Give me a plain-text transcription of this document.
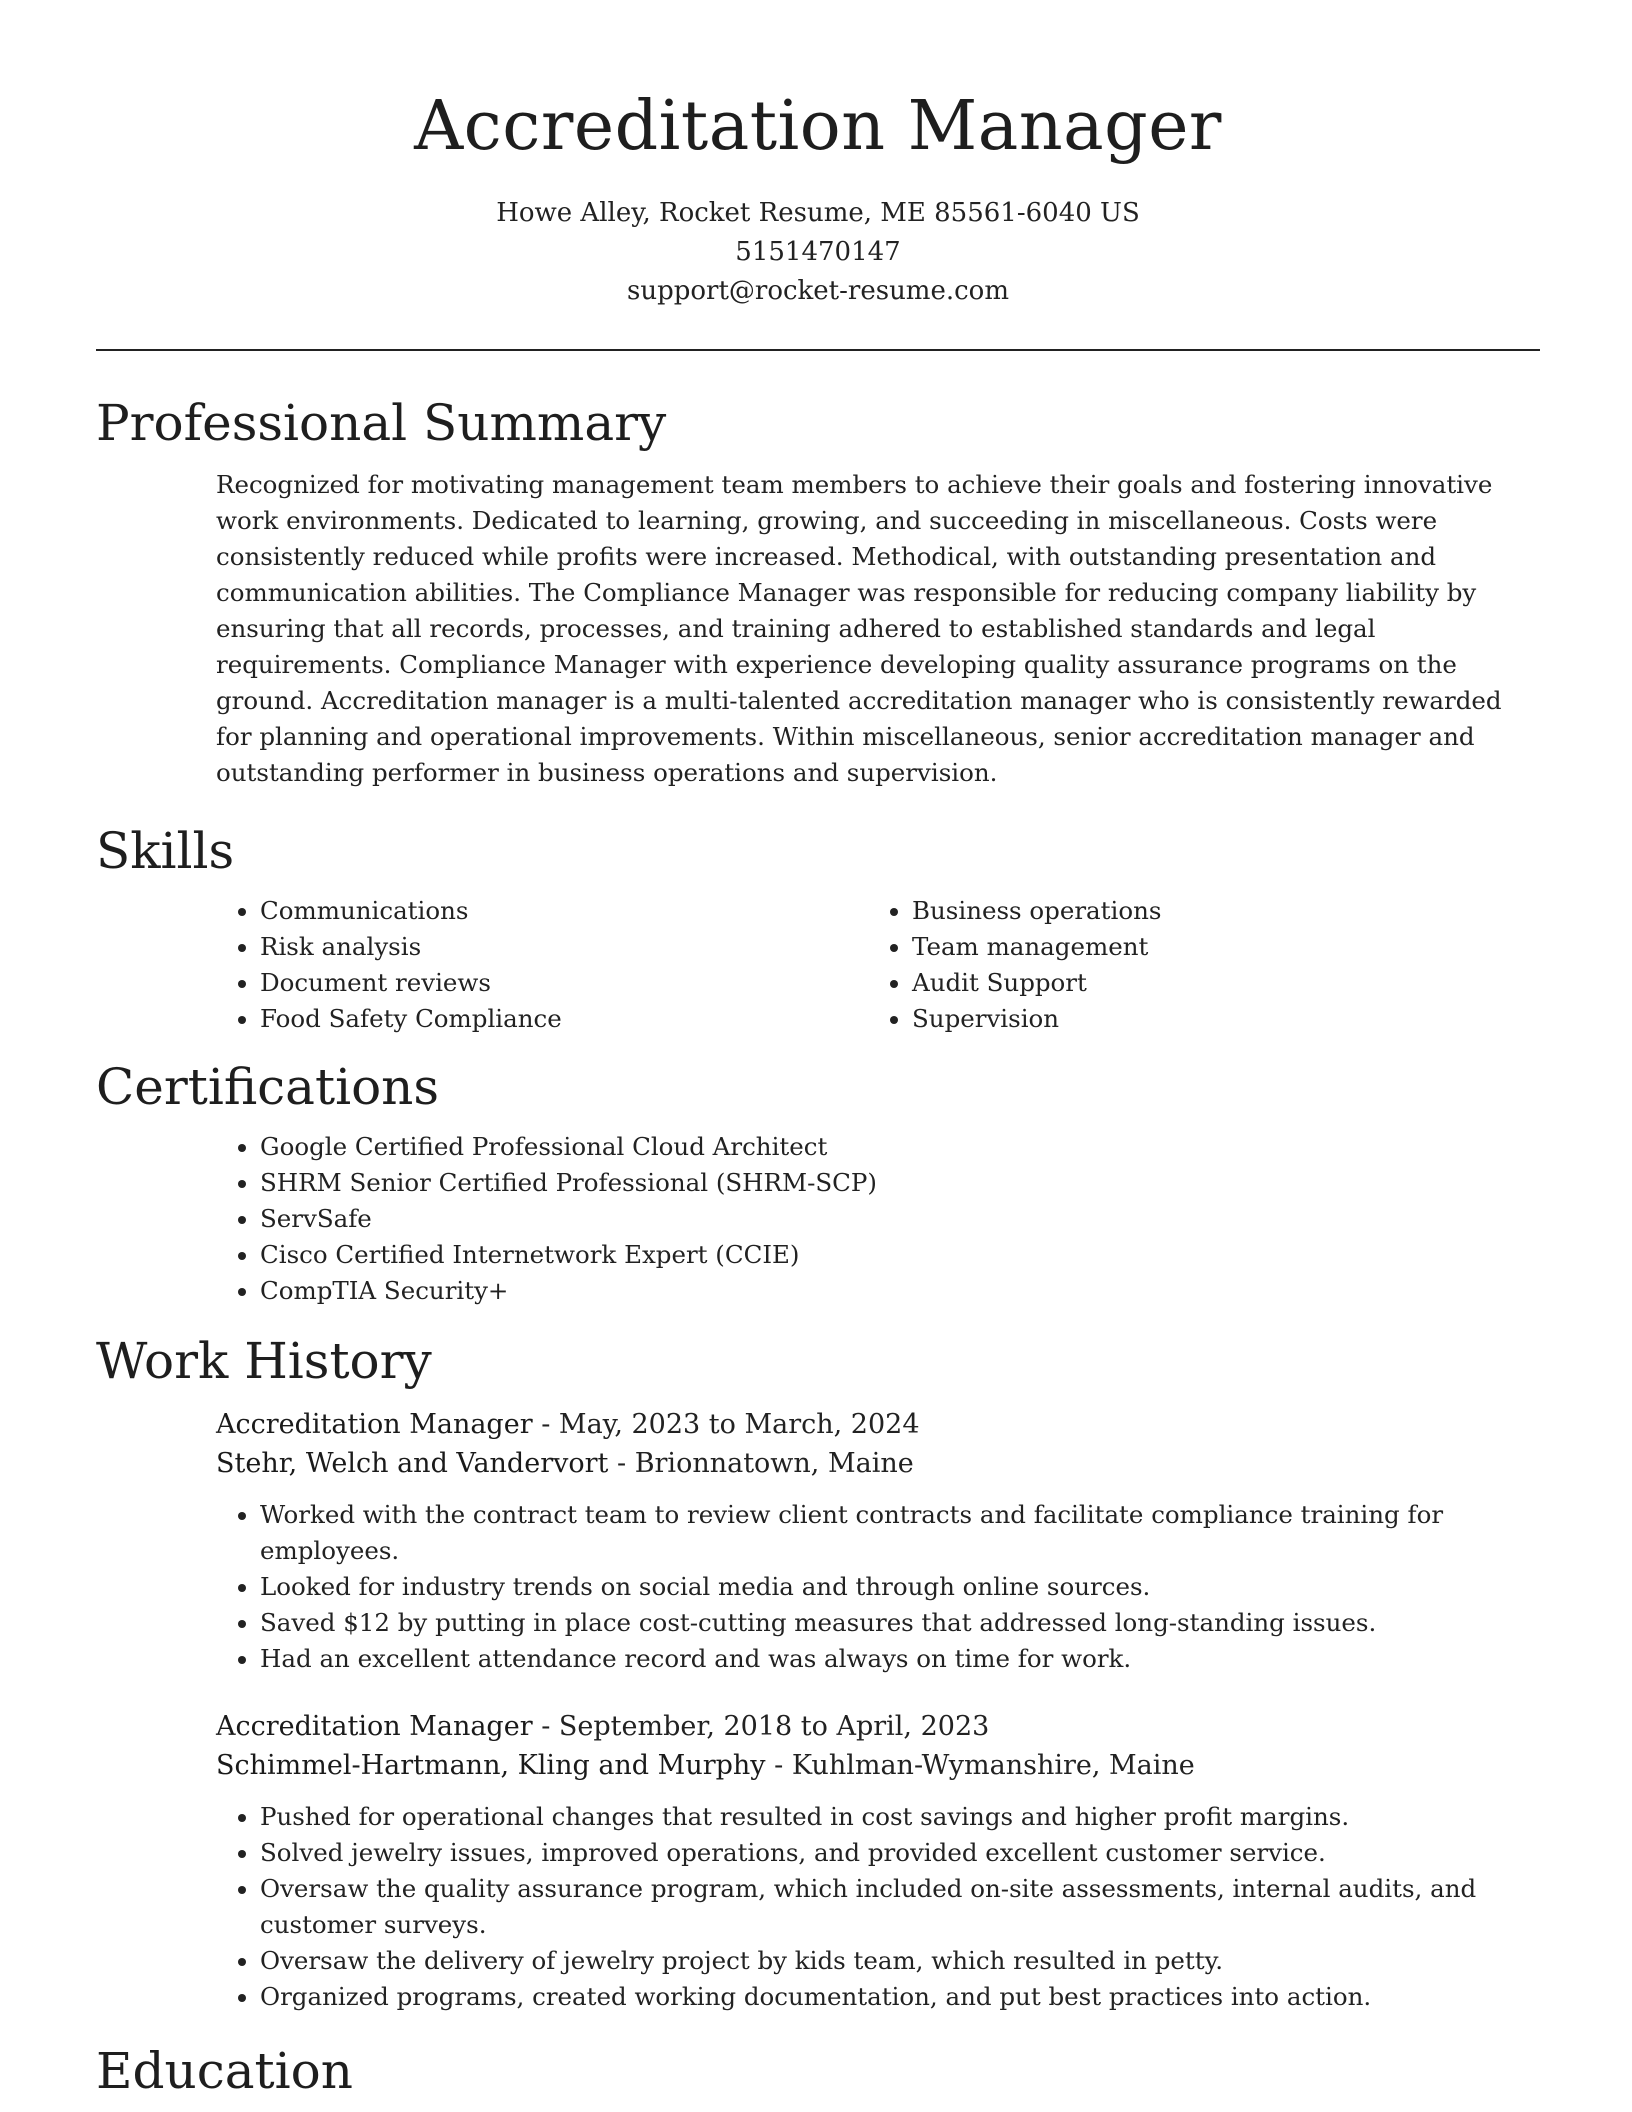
Accreditation Manager
Howe Alley, Rocket Resume, ME 85561-6040 US
5151470147
support@rocket-resume.com
Professional Summary
Recognized for motivating management team members to achieve their goals and fostering innovative work environments. Dedicated to learning, growing, and succeeding in miscellaneous. Costs were consistently reduced while profits were increased. Methodical, with outstanding presentation and communication abilities. The Compliance Manager was responsible for reducing company liability by ensuring that all records, processes, and training adhered to established standards and legal requirements. Compliance Manager with experience developing quality assurance programs on the ground. Accreditation manager is a multi-talented accreditation manager who is consistently rewarded for planning and operational improvements. Within miscellaneous, senior accreditation manager and outstanding performer in business operations and supervision.
Skills
• Communications
• Risk analysis
• Document reviews
• Food Safety Compliance
• Business operations
• Team management
• Audit Support
• Supervision
Certifications
• Google Certified Professional Cloud Architect
• SHRM Senior Certified Professional (SHRM-SCP)
• ServSafe
• Cisco Certified Internetwork Expert (CCIE)
• CompTIA Security+
Work History
Accreditation Manager - May, 2023 to March, 2024
Stehr, Welch and Vandervort - Brionnatown, Maine
• Worked with the contract team to review client contracts and facilitate compliance training for employees.
• Looked for industry trends on social media and through online sources.
• Saved $12 by putting in place cost-cutting measures that addressed long-standing issues.
• Had an excellent attendance record and was always on time for work.
Accreditation Manager - September, 2018 to April, 2023
Schimmel-Hartmann, Kling and Murphy - Kuhlman-Wymanshire, Maine
• Pushed for operational changes that resulted in cost savings and higher profit margins.
• Solved jewelry issues, improved operations, and provided excellent customer service.
• Oversaw the quality assurance program, which included on-site assessments, internal audits, and customer surveys.
• Oversaw the delivery of jewelry project by kids team, which resulted in petty.
• Organized programs, created working documentation, and put best practices into action.
Education
